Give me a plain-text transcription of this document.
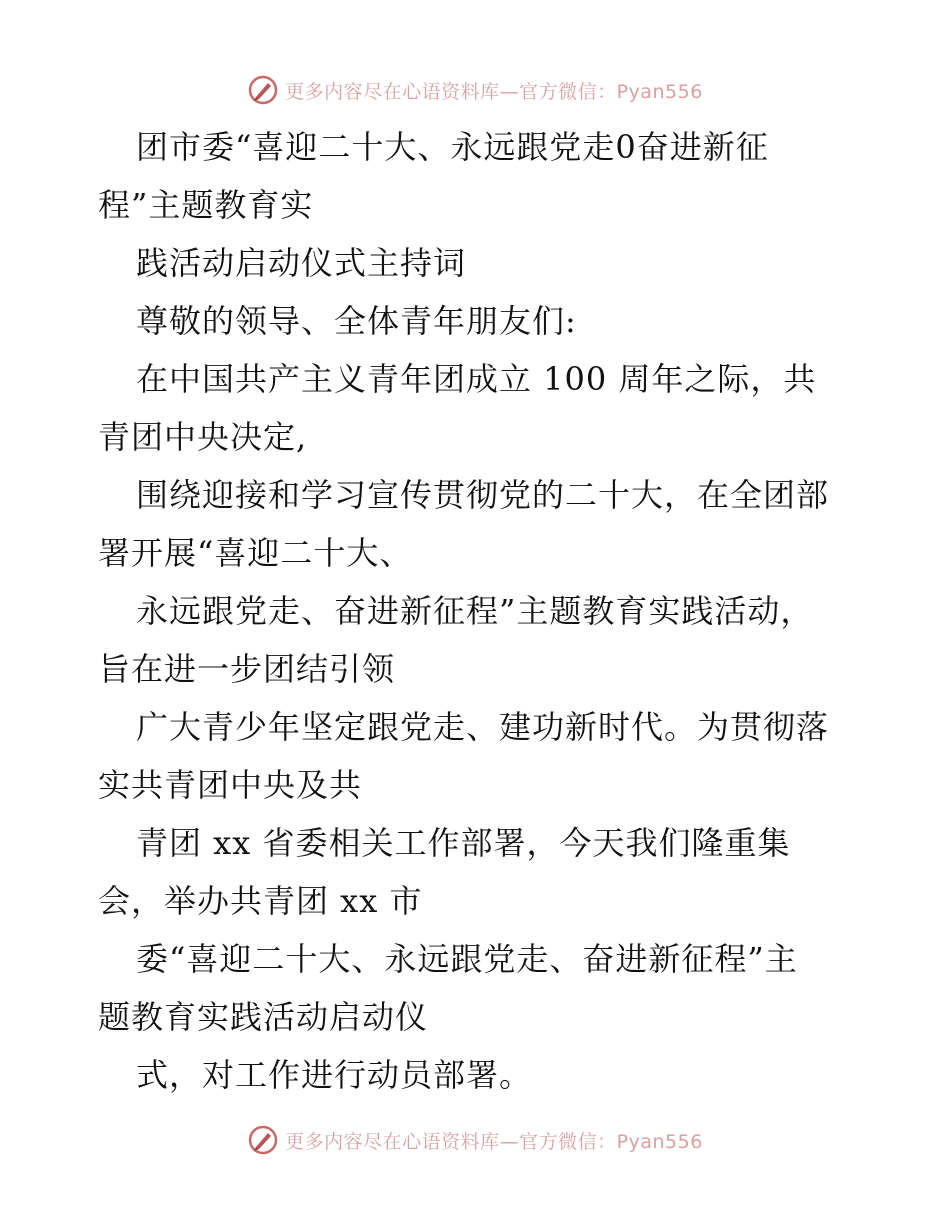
更多内容尽在心语资料库—官方微信：Pyan556
团市委“喜迎二十大、永远跟党走0奋进新征
程”主题教育实
践活动启动仪式主持词
尊敬的领导、全体青年朋友们:
在中国共产主义青年团成立 100 周年之际，共
青团中央决定,
围绕迎接和学习宣传贯彻党的二十大，在全团部
署开展“喜迎二十大、
永远跟党走、奋进新征程”主题教育实践活动，
旨在进一步团结引领
广大青少年坚定跟党走、建功新时代。为贯彻落
实共青团中央及共
青团 xx 省委相关工作部署，今天我们隆重集
会，举办共青团 xx 市
委“喜迎二十大、永远跟党走、奋进新征程”主
题教育实践活动启动仪
式，对工作进行动员部署。
更多内容尽在心语资料库—官方微信：Pyan556
